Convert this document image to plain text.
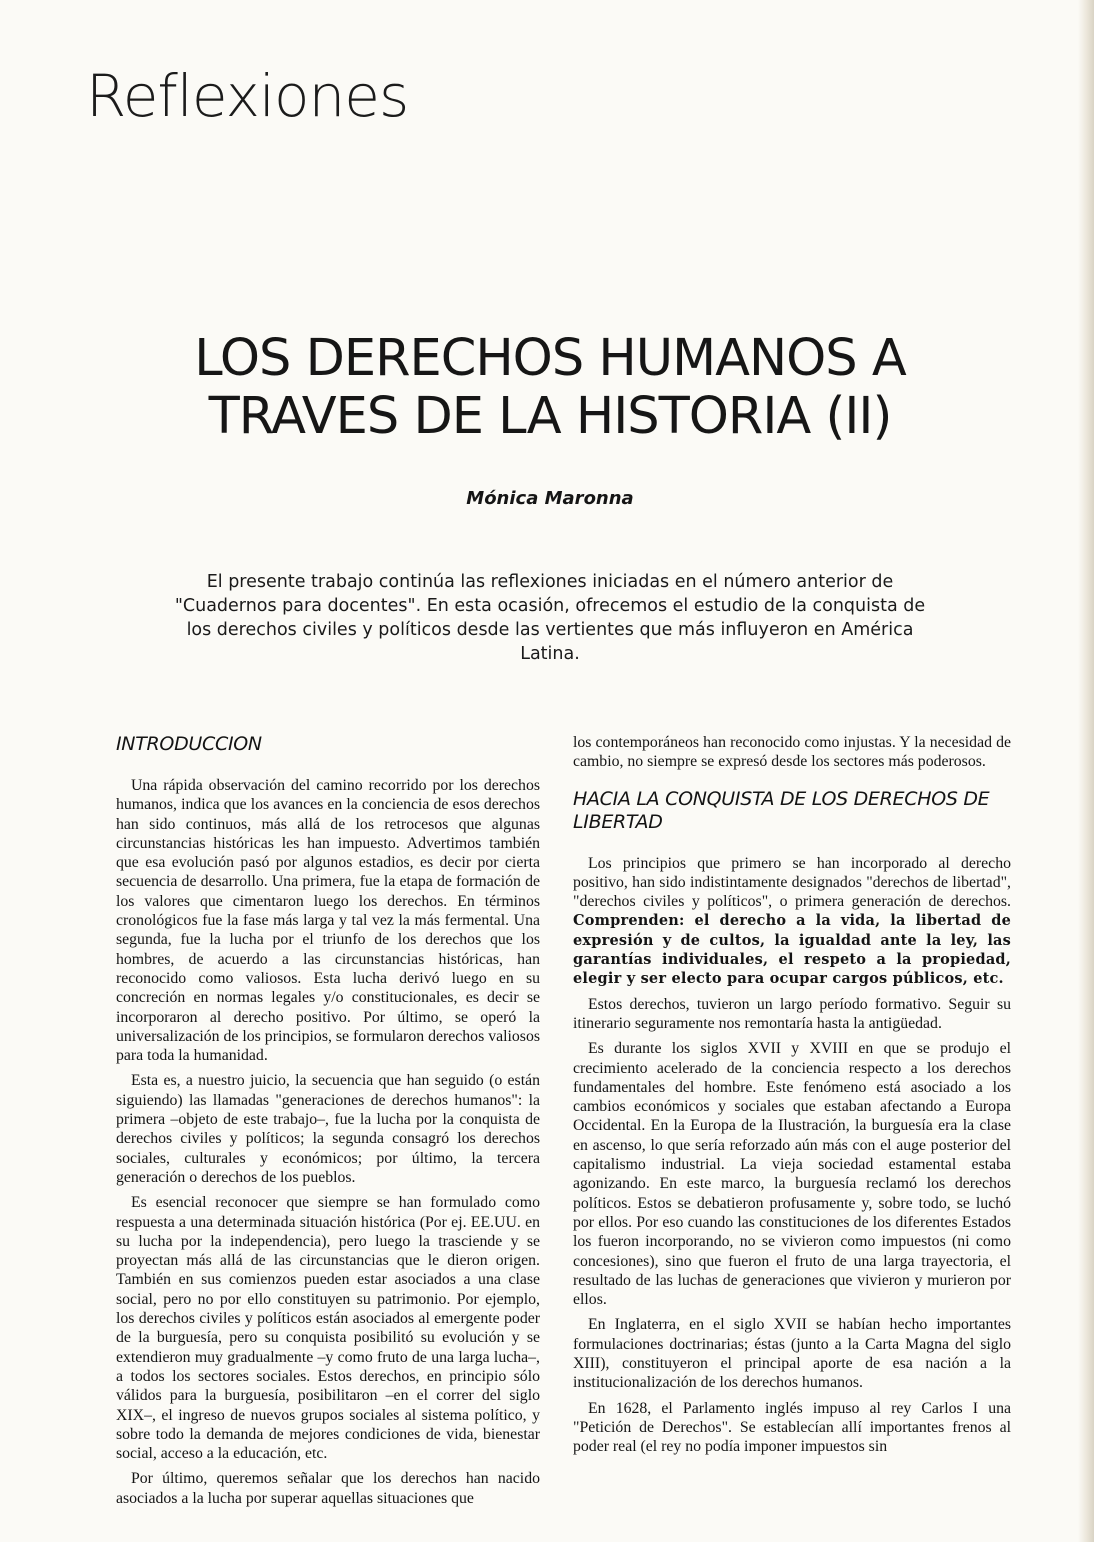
Reflexiones
LOS DERECHOS HUMANOS A
TRAVES DE LA HISTORIA (II)
Mónica Maronna
El presente trabajo continúa las reflexiones iniciadas en el número anterior de "Cuadernos para docentes". En esta ocasión, ofrecemos el estudio de la conquista de los derechos civiles y políticos desde las vertientes que más influyeron en América Latina.
INTRODUCCION

Una rápida observación del camino recorrido por los derechos humanos, indica que los avances en la conciencia de esos derechos han sido continuos, más allá de los retrocesos que algunas circunstancias históricas les han impuesto. Advertimos también que esa evolución pasó por algunos estadios, es decir por cierta secuencia de desarrollo. Una primera, fue la etapa de formación de los valores que cimentaron luego los derechos. En términos cronológicos fue la fase más larga y tal vez la más fermental. Una segunda, fue la lucha por el triunfo de los derechos que los hombres, de acuerdo a las circunstancias históricas, han reconocido como valiosos. Esta lucha derivó luego en su concreción en normas legales y/o constitucionales, es decir se incorporaron al derecho positivo. Por último, se operó la universalización de los principios, se formularon derechos valiosos para toda la humanidad.

Esta es, a nuestro juicio, la secuencia que han seguido (o están siguiendo) las llamadas "generaciones de derechos humanos": la primera –objeto de este trabajo–, fue la lucha por la conquista de derechos civiles y políticos; la segunda consagró los derechos sociales, culturales y económicos; por último, la tercera generación o derechos de los pueblos.

Es esencial reconocer que siempre se han formulado como respuesta a una determinada situación histórica (Por ej. EE.UU. en su lucha por la independencia), pero luego la trasciende y se proyectan más allá de las circunstancias que le dieron origen. También en sus comienzos pueden estar asociados a una clase social, pero no por ello constituyen su patrimonio. Por ejemplo, los derechos civiles y políticos están asociados al emergente poder de la burguesía, pero su conquista posibilitó su evolución y se extendieron muy gradualmente –y como fruto de una larga lucha–, a todos los sectores sociales. Estos derechos, en principio sólo válidos para la burguesía, posibilitaron –en el correr del siglo XIX–, el ingreso de nuevos grupos sociales al sistema político, y sobre todo la demanda de mejores condiciones de vida, bienestar social, acceso a la educación, etc.

Por último, queremos señalar que los derechos han nacido asociados a la lucha por superar aquellas situaciones que

los contemporáneos han reconocido como injustas. Y la necesidad de cambio, no siempre se expresó desde los sectores más poderosos.

HACIA LA CONQUISTA DE LOS DERECHOS DE LIBERTAD

Los principios que primero se han incorporado al derecho positivo, han sido indistintamente designados "derechos de libertad", "derechos civiles y políticos", o primera generación de derechos. Comprenden: el derecho a la vida, la libertad de expresión y de cultos, la igualdad ante la ley, las garantías individuales, el respeto a la propiedad, elegir y ser electo para ocupar cargos públicos, etc.

Estos derechos, tuvieron un largo período formativo. Seguir su itinerario seguramente nos remontaría hasta la antigüedad.

Es durante los siglos XVII y XVIII en que se produjo el crecimiento acelerado de la conciencia respecto a los derechos fundamentales del hombre. Este fenómeno está asociado a los cambios económicos y sociales que estaban afectando a Europa Occidental. En la Europa de la Ilustración, la burguesía era la clase en ascenso, lo que sería reforzado aún más con el auge posterior del capitalismo industrial. La vieja sociedad estamental estaba agonizando. En este marco, la burguesía reclamó los derechos políticos. Estos se debatieron profusamente y, sobre todo, se luchó por ellos. Por eso cuando las constituciones de los diferentes Estados los fueron incorporando, no se vivieron como impuestos (ni como concesiones), sino que fueron el fruto de una larga trayectoria, el resultado de las luchas de generaciones que vivieron y murieron por ellos.

En Inglaterra, en el siglo XVII se habían hecho importantes formulaciones doctrinarias; éstas (junto a la Carta Magna del siglo XIII), constituyeron el principal aporte de esa nación a la institucionalización de los derechos humanos.

En 1628, el Parlamento inglés impuso al rey Carlos I una "Petición de Derechos". Se establecían allí importantes frenos al poder real (el rey no podía imponer impuestos sin
